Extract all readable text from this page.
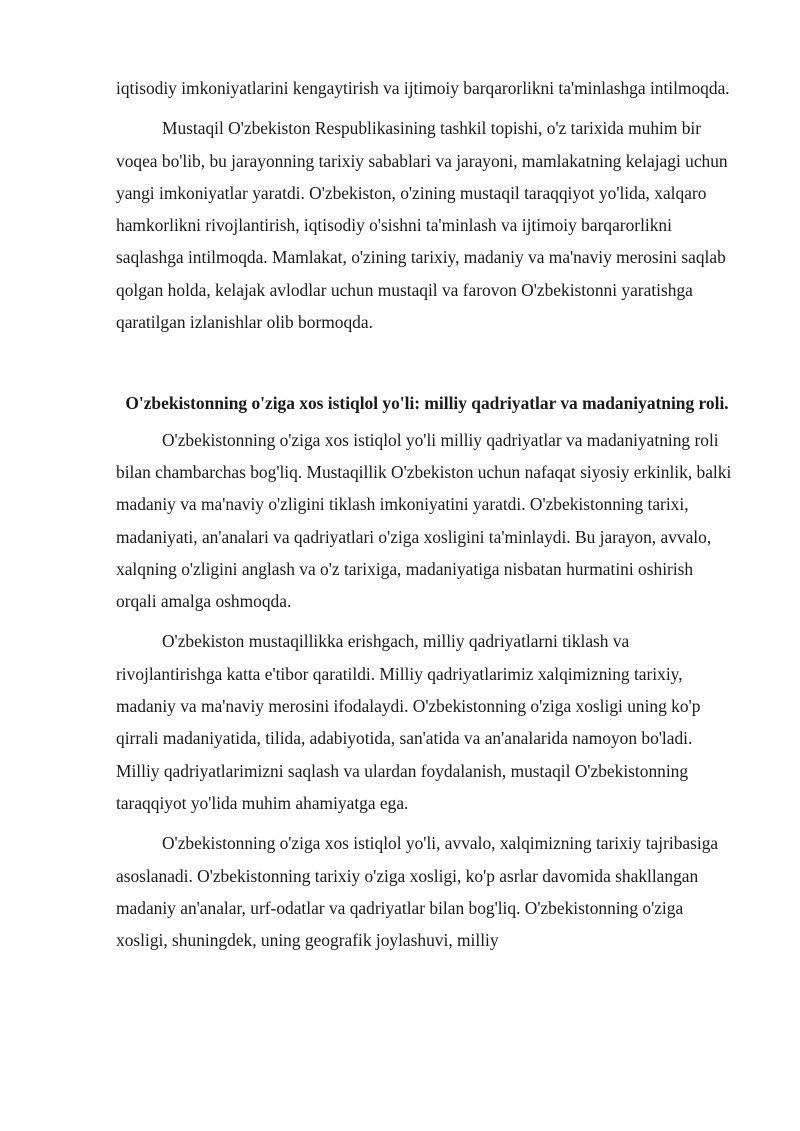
iqtisodiy imkoniyatlarini kengaytirish va ijtimoiy barqarorlikni ta'minlashga intilmoqda.

Mustaqil O'zbekiston Respublikasining tashkil topishi, o'z tarixida muhim bir voqea bo'lib, bu jarayonning tarixiy sabablari va jarayoni, mamlakatning kelajagi uchun yangi imkoniyatlar yaratdi. O'zbekiston, o'zining mustaqil taraqqiyot yo'lida, xalqaro hamkorlikni rivojlantirish, iqtisodiy o'sishni ta'minlash va ijtimoiy barqarorlikni saqlashga intilmoqda. Mamlakat, o'zining tarixiy, madaniy va ma'naviy merosini saqlab qolgan holda, kelajak avlodlar uchun mustaqil va farovon O'zbekistonni yaratishga qaratilgan izlanishlar olib bormoqda.

O'zbekistonning o'ziga xos istiqlol yo'li: milliy qadriyatlar va madaniyatning roli.

O'zbekistonning o'ziga xos istiqlol yo'li milliy qadriyatlar va madaniyatning roli bilan chambarchas bog'liq. Mustaqillik O'zbekiston uchun nafaqat siyosiy erkinlik, balki madaniy va ma'naviy o'zligini tiklash imkoniyatini yaratdi. O'zbekistonning tarixi, madaniyati, an'analari va qadriyatlari o'ziga xosligini ta'minlaydi. Bu jarayon, avvalo, xalqning o'zligini anglash va o'z tarixiga, madaniyatiga nisbatan hurmatini oshirish orqali amalga oshmoqda.

O'zbekiston mustaqillikka erishgach, milliy qadriyatlarni tiklash va rivojlantirishga katta e'tibor qaratildi. Milliy qadriyatlarimiz xalqimizning tarixiy, madaniy va ma'naviy merosini ifodalaydi. O'zbekistonning o'ziga xosligi uning ko'p qirrali madaniyatida, tilida, adabiyotida, san'atida va an'analarida namoyon bo'ladi. Milliy qadriyatlarimizni saqlash va ulardan foydalanish, mustaqil O'zbekistonning taraqqiyot yo'lida muhim ahamiyatga ega.

O'zbekistonning o'ziga xos istiqlol yo'li, avvalo, xalqimizning tarixiy tajribasiga asoslanadi. O'zbekistonning tarixiy o'ziga xosligi, ko'p asrlar davomida shakllangan madaniy an'analar, urf-odatlar va qadriyatlar bilan bog'liq. O'zbekistonning o'ziga xosligi, shuningdek, uning geografik joylashuvi, milliy
